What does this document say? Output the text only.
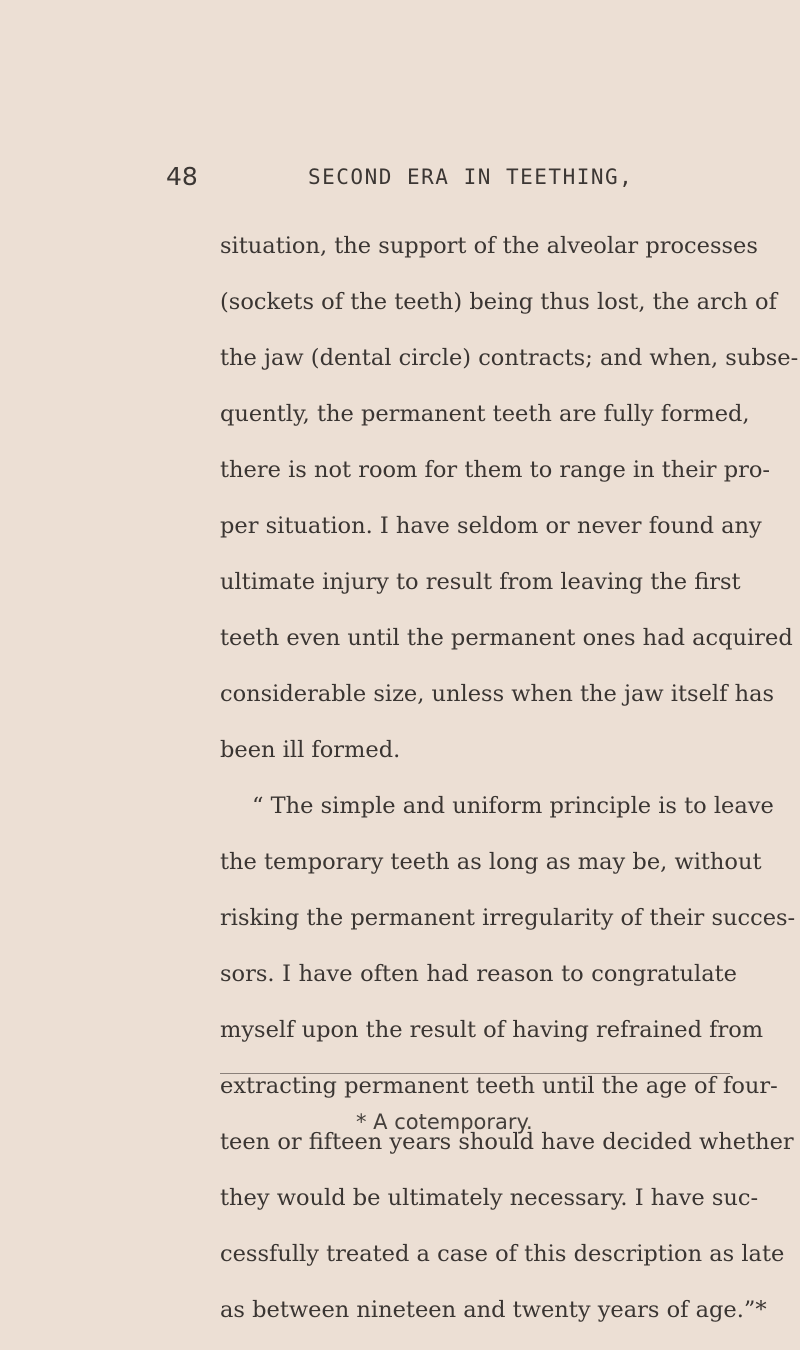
48	SECOND ERA IN TEETHING,
situation, the support of the alveolar processes
(sockets of the teeth) being thus lost, the arch of
the jaw (dental circle) contracts; and when, subse-
quently, the permanent teeth are fully formed,
there is not room for them to range in their pro-
per situation. I have seldom or never found any
ultimate injury to result from leaving the first
teeth even until the permanent ones had acquired
considerable size, unless when the jaw itself has
been ill formed.
“ The simple and uniform principle is to leave
the temporary teeth as long as may be, without
risking the permanent irregularity of their succes-
sors. I have often had reason to congratulate
myself upon the result of having refrained from
extracting permanent teeth until the age of four-
teen or fifteen years should have decided whether
they would be ultimately necessary. I have suc-
cessfully treated a case of this description as late
as between nineteen and twenty years of age.”*
* A cotemporary.
